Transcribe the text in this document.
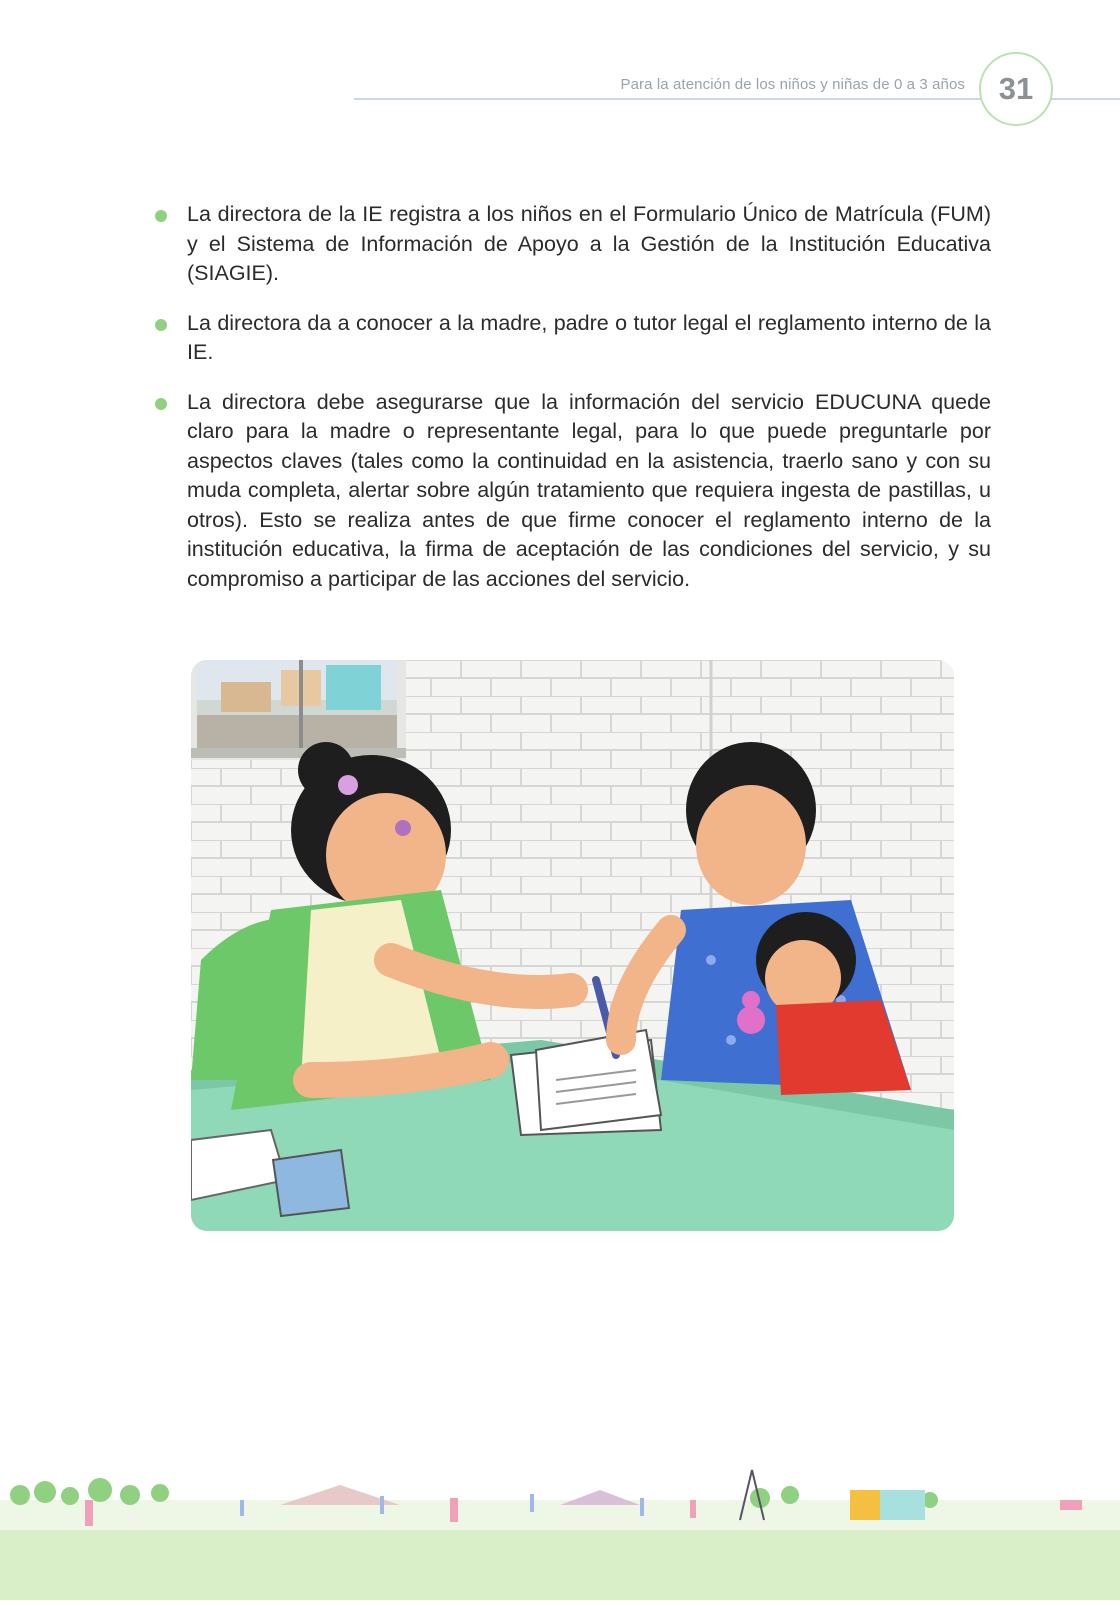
Para la atención de los niños y niñas de 0 a 3 años	31
La directora de la IE registra a los niños en el Formulario Único de Matrícula (FUM) y el Sistema de Información de Apoyo a la Gestión de la Institución Educativa (SIAGIE).
La directora da a conocer a la madre, padre o tutor legal el reglamento interno de la IE.
La directora debe asegurarse que la información del servicio EDUCUNA quede claro para la madre o representante legal, para lo que puede preguntarle por aspectos claves (tales como la continuidad en la asistencia, traerlo sano y con su muda completa, alertar sobre algún tratamiento que requiera ingesta de pastillas, u otros). Esto se realiza antes de que firme conocer el reglamento interno de la institución educativa, la firma de aceptación de las condiciones del servicio, y su compromiso a participar de las acciones del servicio.
